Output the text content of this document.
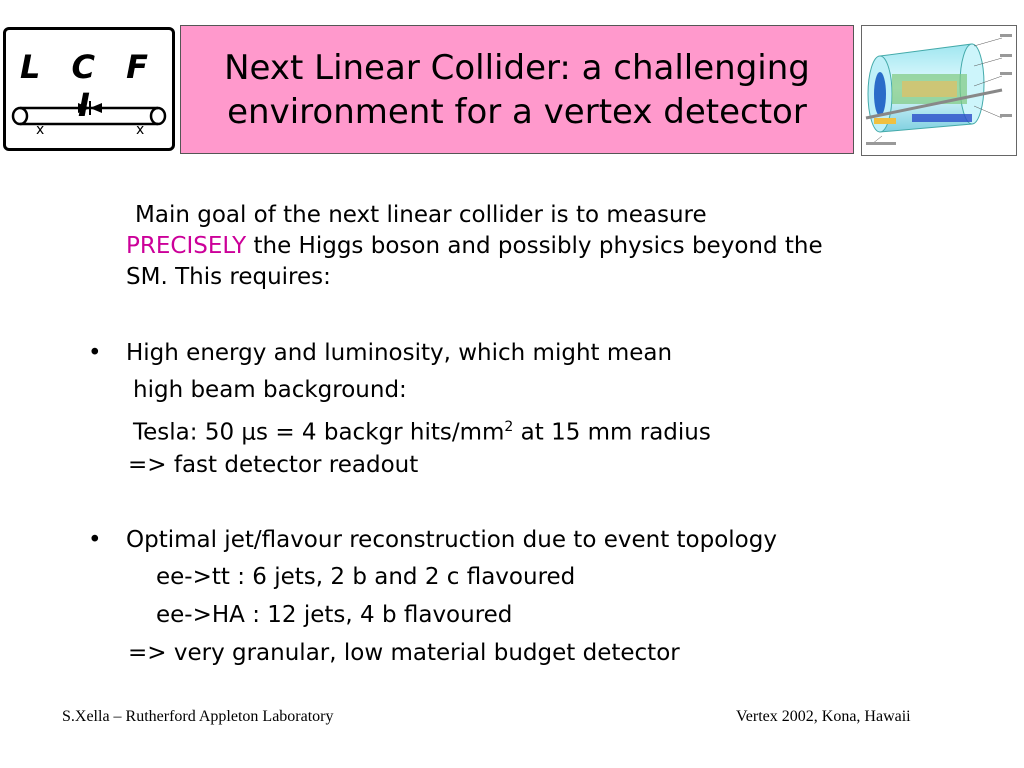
L C F
x	x
Next Linear Collider: a challenging
environment for a vertex detector
Main goal of the next linear collider is to measure
PRECISELY the Higgs boson and possibly physics beyond the
SM. This requires:
• High energy and luminosity, which might mean
high beam background:
Tesla: 50 μs = 4 backgr hits/$mm^2$ at 15 mm radius
=> fast detector readout
• Optimal jet/flavour reconstruction due to event topology
ee->tt : 6 jets, 2 b and 2 c flavoured
ee->HA : 12 jets, 4 b flavoured
=> very granular, low material budget detector
S.Xella – Rutherford Appleton Laboratory	Vertex 2002, Kona, Hawaii
